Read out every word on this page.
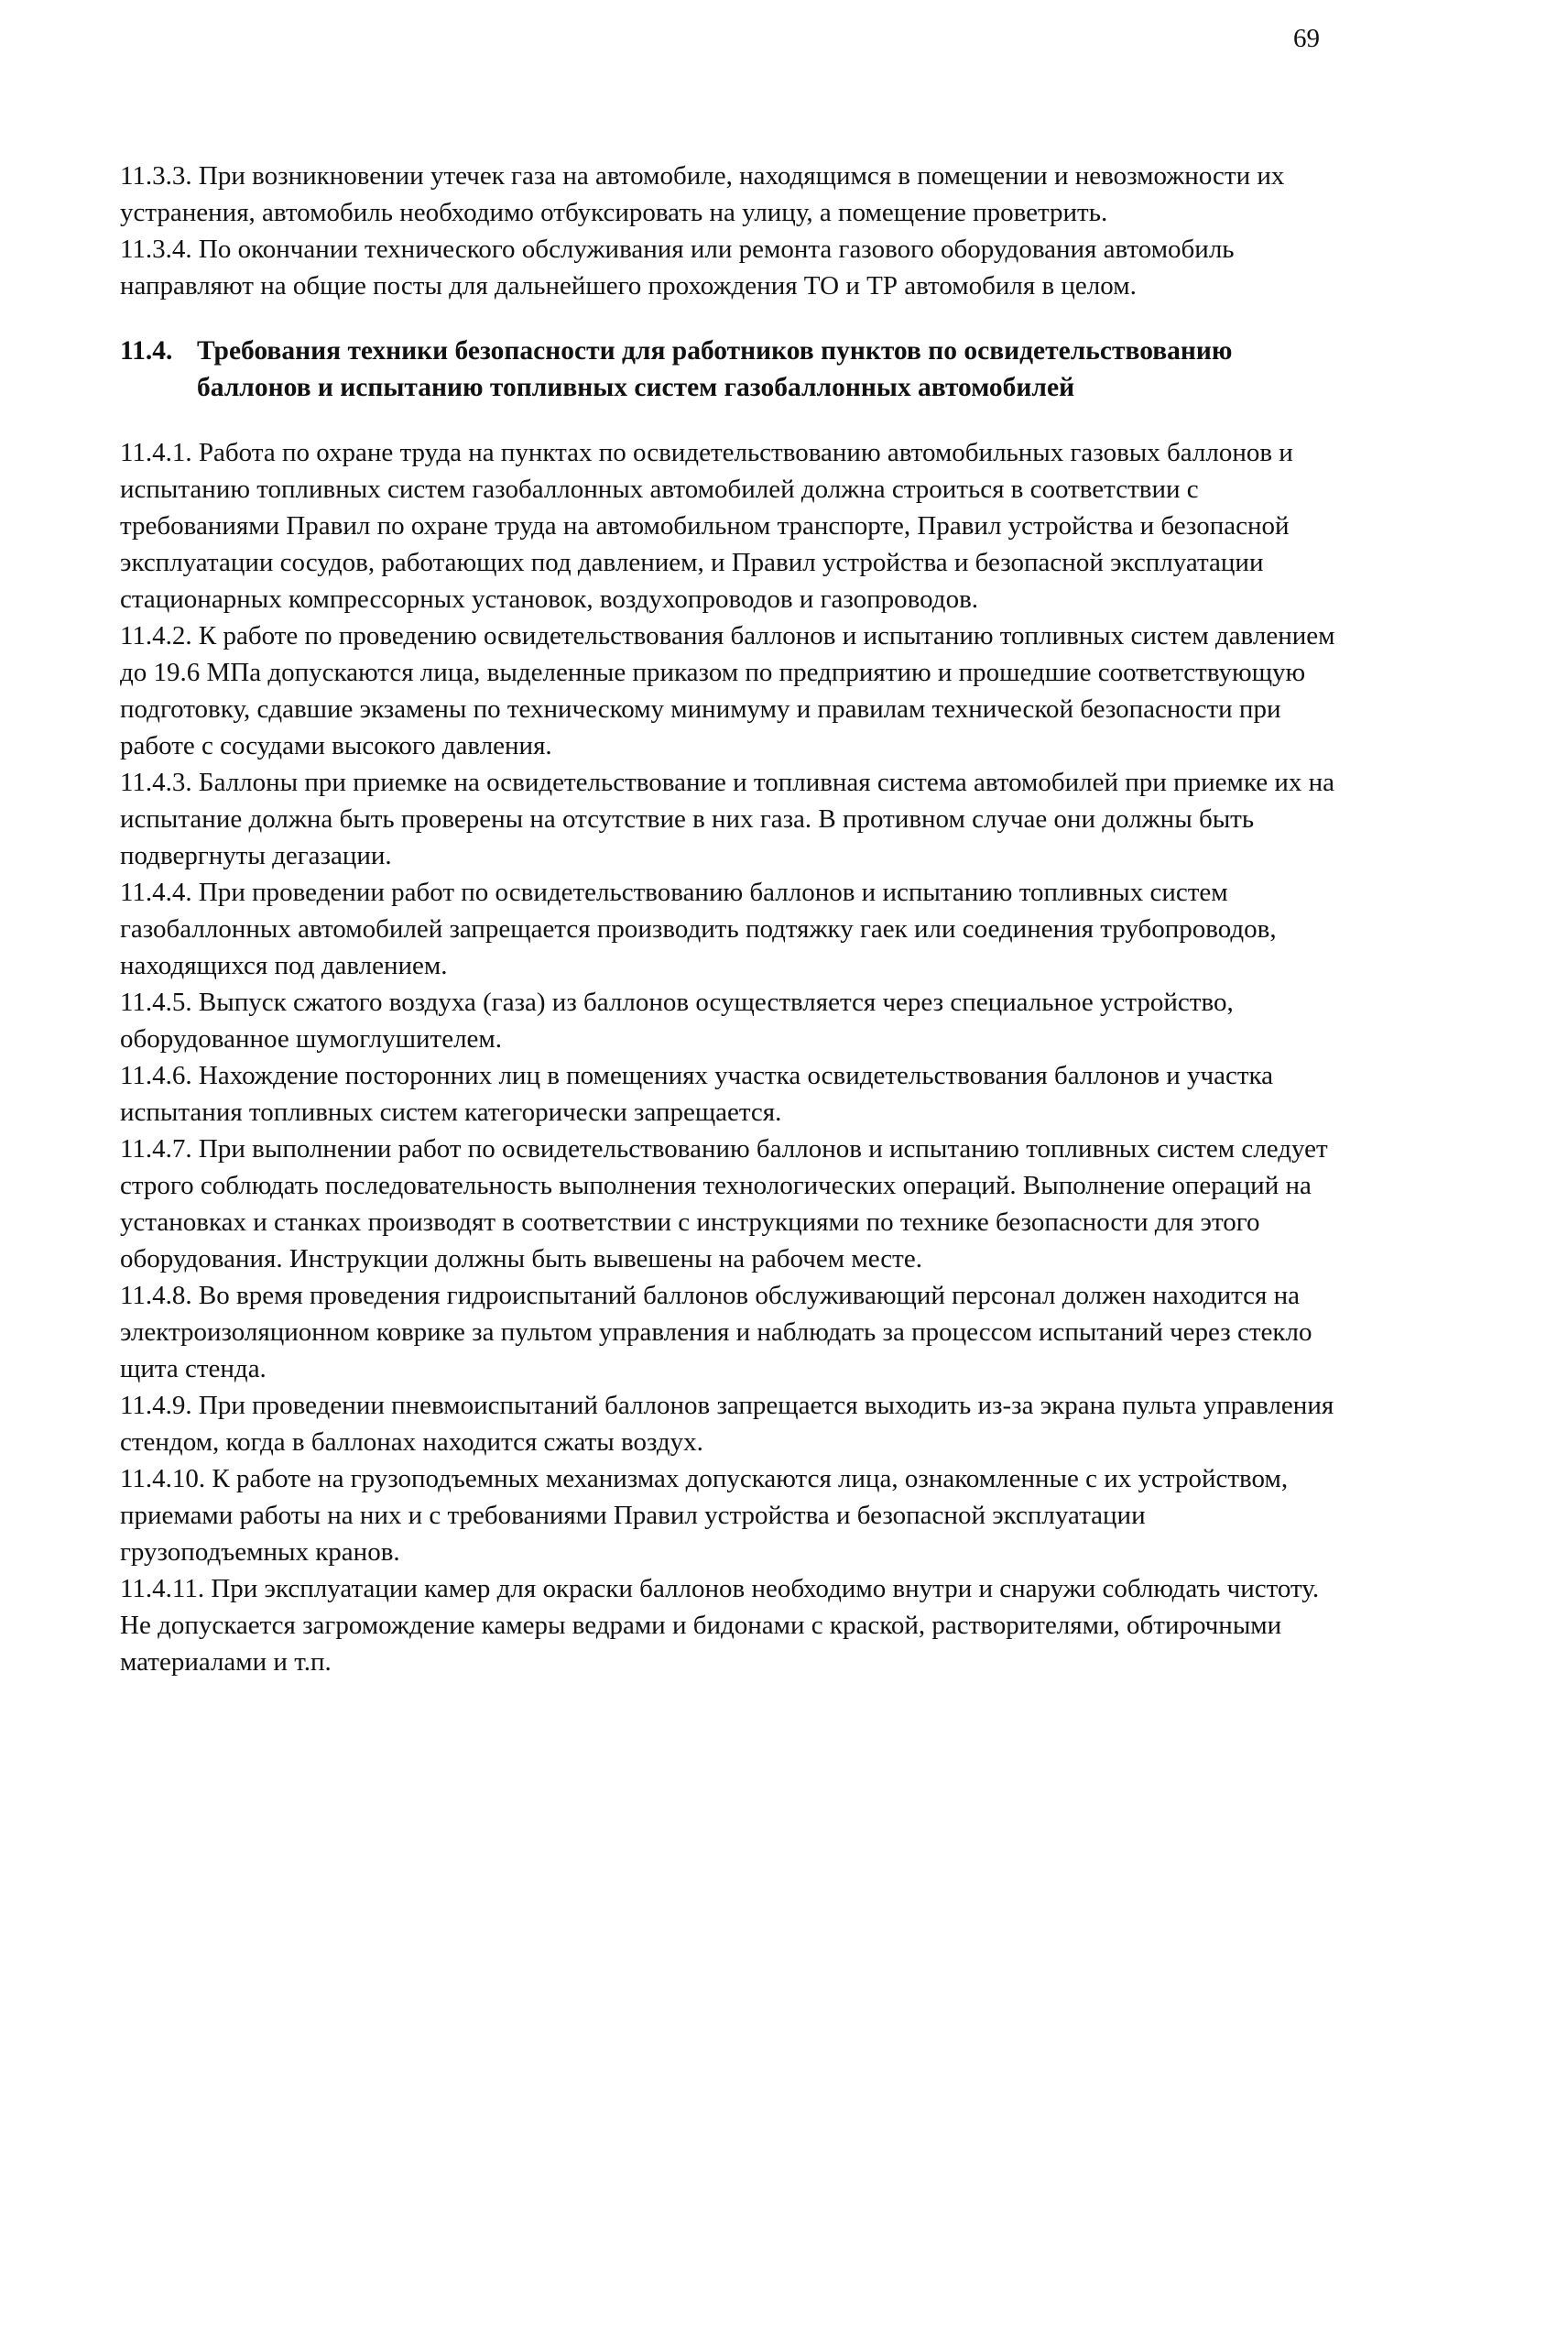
69

11.3.3. При возникновении утечек газа на автомобиле, находящимся в помещении и невозможности их устранения, автомобиль необходимо отбуксировать на улицу, а помещение проветрить.

11.3.4. По окончании технического обслуживания или ремонта газового оборудования автомобиль направляют на общие посты для дальнейшего прохождения ТО и ТР автомобиля в целом.

11.4. Требования техники безопасности для работников пунктов по освидетельствованию баллонов и испытанию топливных систем газобаллонных автомобилей

11.4.1. Работа по охране труда на пунктах по освидетельствованию автомобильных газовых баллонов и испытанию топливных систем газобаллонных автомобилей должна строиться в соответствии с требованиями Правил по охране труда на автомобильном транспорте, Правил устройства и безопасной эксплуатации сосудов, работающих под давлением, и Правил устройства и безопасной эксплуатации стационарных компрессорных установок, воздухопроводов и газопроводов.

11.4.2. К работе по проведению освидетельствования баллонов и испытанию топливных систем давлением до 19.6 МПа допускаются лица, выделенные приказом по предприятию и прошедшие соответствующую подготовку, сдавшие экзамены по техническому минимуму и правилам технической безопасности при работе с сосудами высокого давления.

11.4.3. Баллоны при приемке на освидетельствование и топливная система автомобилей при приемке их на испытание должна быть проверены на отсутствие в них газа. В противном случае они должны быть подвергнуты дегазации.

11.4.4. При проведении работ по освидетельствованию баллонов и испытанию топливных систем газобаллонных автомобилей запрещается производить подтяжку гаек или соединения трубопроводов, находящихся под давлением.

11.4.5. Выпуск сжатого воздуха (газа) из баллонов осуществляется через специальное устройство, оборудованное шумоглушителем.

11.4.6. Нахождение посторонних лиц в помещениях участка освидетельствования баллонов и участка испытания топливных систем категорически запрещается.

11.4.7. При выполнении работ по освидетельствованию баллонов и испытанию топливных систем следует строго соблюдать последовательность выполнения технологических операций. Выполнение операций на установках и станках производят в соответствии с инструкциями по технике безопасности для этого оборудования. Инструкции должны быть вывешены на рабочем месте.

11.4.8. Во время проведения гидроиспытаний баллонов обслуживающий персонал должен находится на электроизоляционном коврике за пультом управления и наблюдать за процессом испытаний через стекло щита стенда.

11.4.9. При проведении пневмоиспытаний баллонов запрещается выходить из-за экрана пульта управления стендом, когда в баллонах находится сжаты воздух.

11.4.10. К работе на грузоподъемных механизмах допускаются лица, ознакомленные с их устройством, приемами работы на них и с требованиями Правил устройства и безопасной эксплуатации грузоподъемных кранов.

11.4.11. При эксплуатации камер для окраски баллонов необходимо внутри и снаружи соблюдать чистоту. Не допускается загромождение камеры ведрами и бидонами с краской, растворителями, обтирочными материалами и т.п.
